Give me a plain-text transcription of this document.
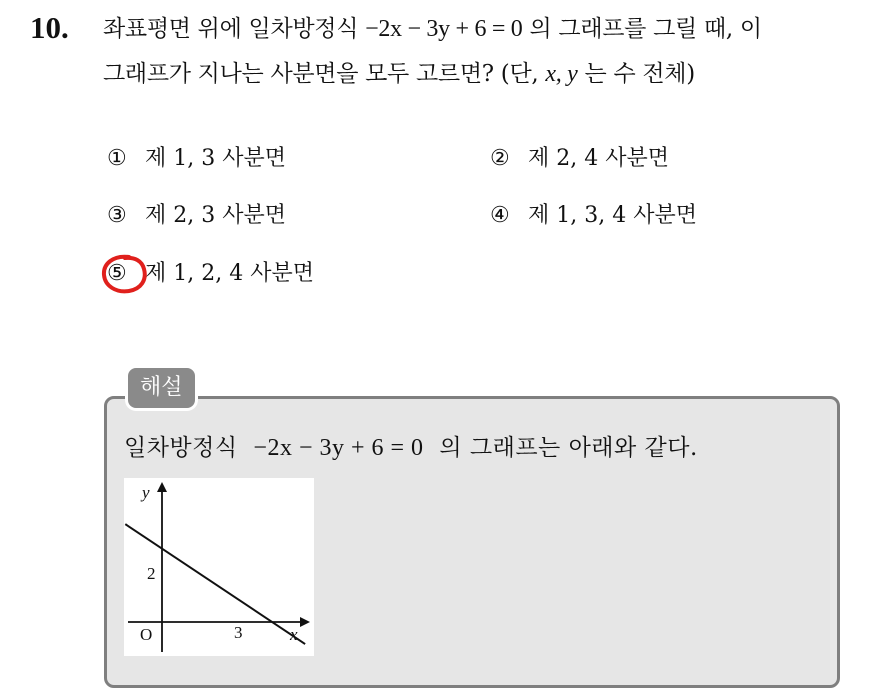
10. 좌표평면 위에 일차방정식 −2x − 3y + 6 = 0 의 그래프를 그릴 때, 이
그래프가 지나는 사분면을 모두 고르면? (단, x, y 는 수 전체)
① 제 1, 3 사분면	② 제 2, 4 사분면
③ 제 2, 3 사분면	④ 제 1, 3, 4 사분면
⑤ 제 1, 2, 4 사분면
해설
일차방정식 −2x − 3y + 6 = 0 의 그래프는 아래와 같다.
y
x
O	3
2
